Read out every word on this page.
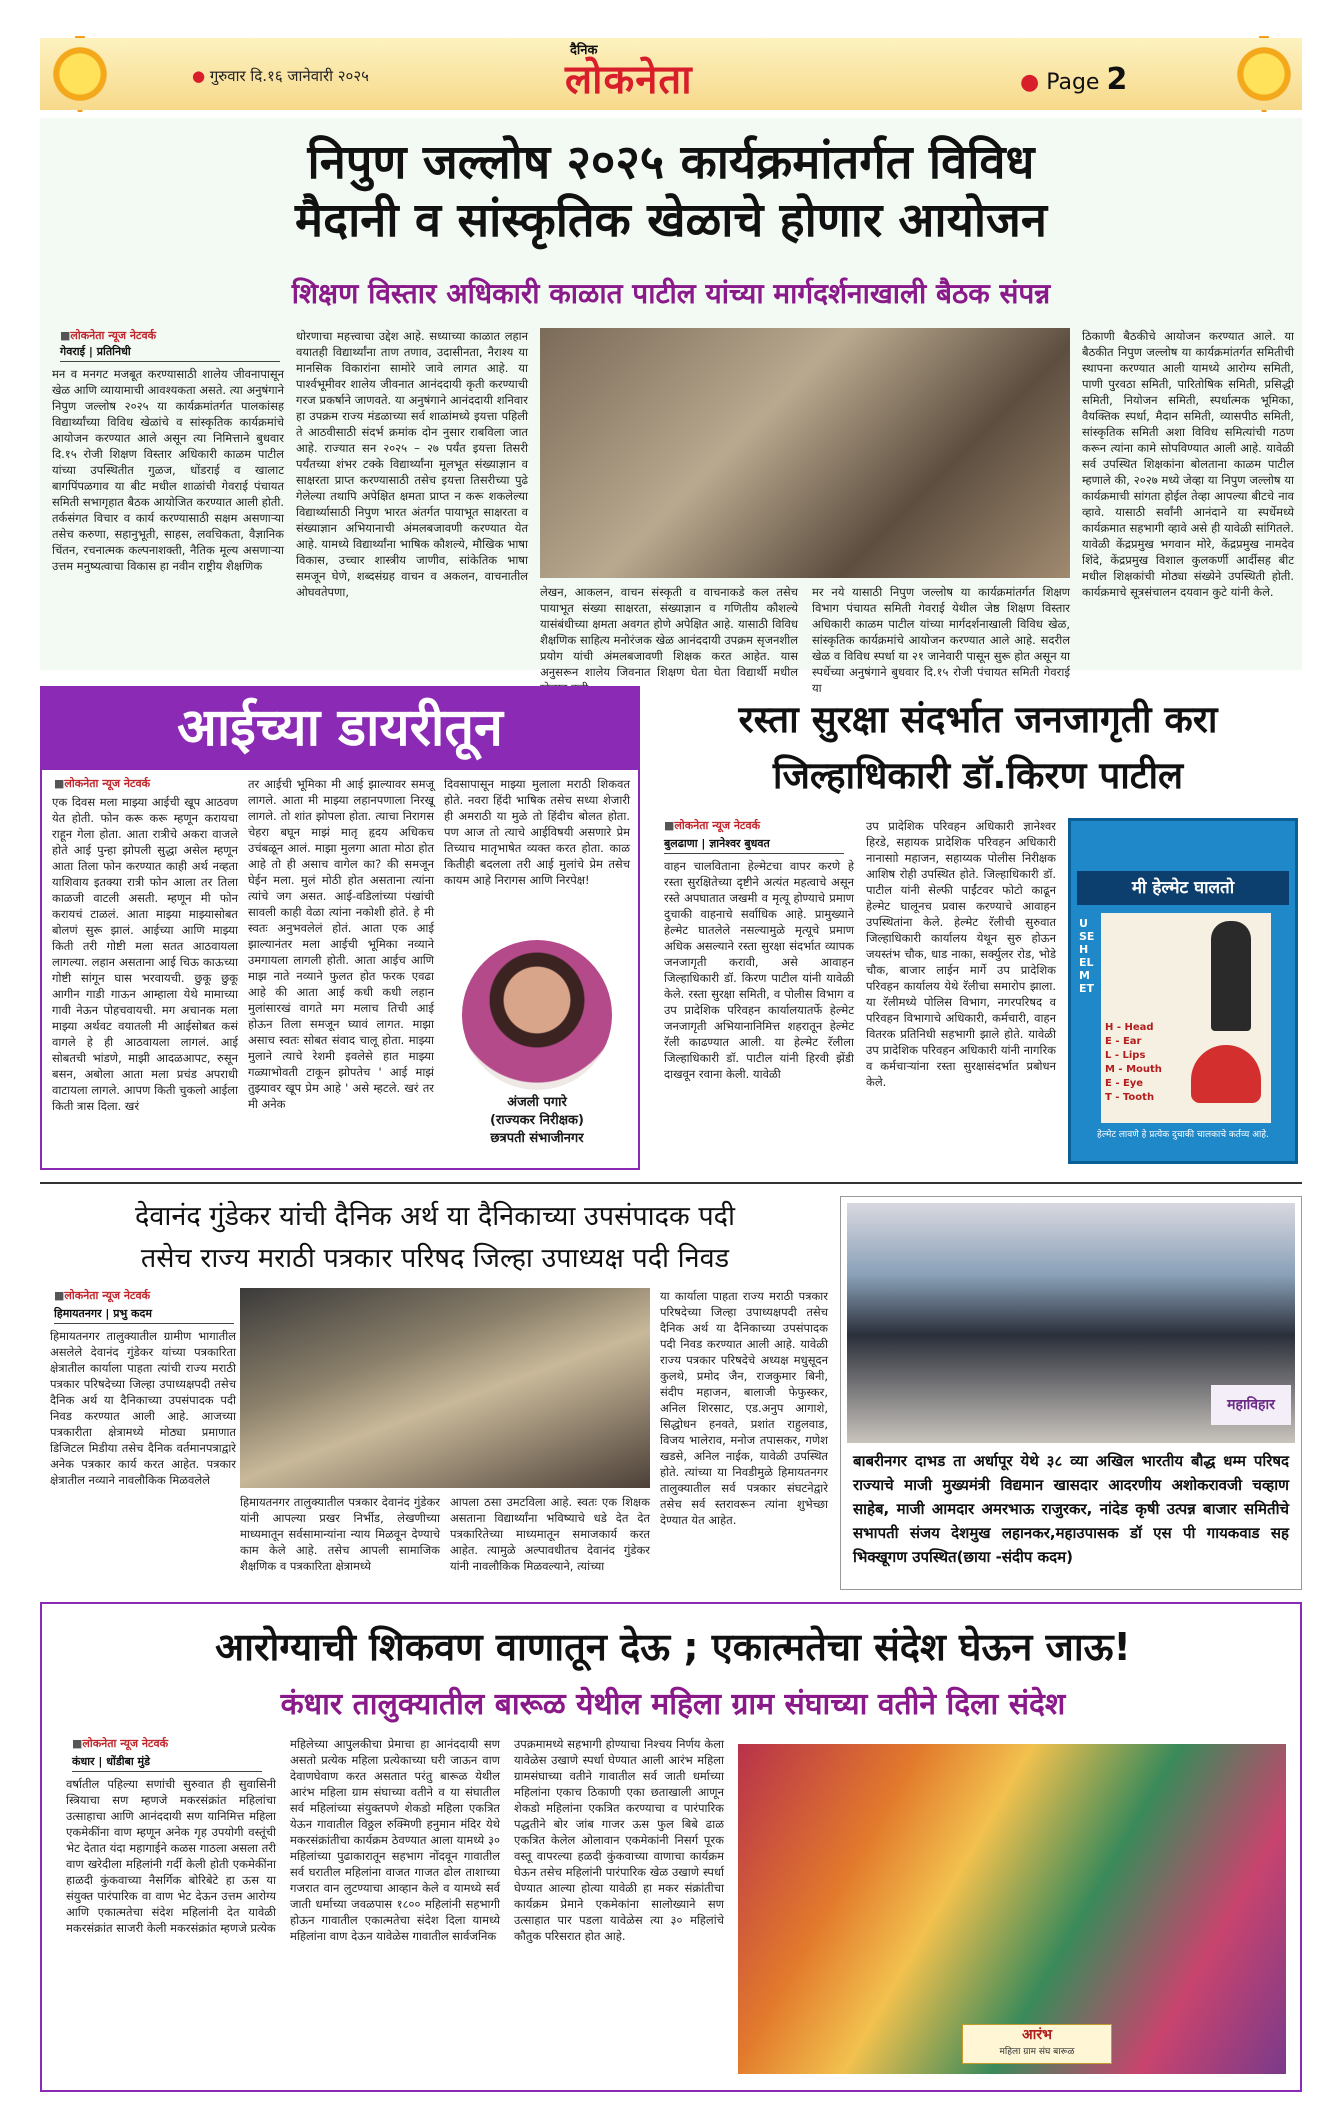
● गुरुवार दि.१६ जानेवारी २०२५
दैनिक
लोकनेता	● Page 2
निपुण जल्लोष २०२५ कार्यक्रमांतर्गत विविध
मैदानी व सांस्कृतिक खेळाचे होणार आयोजन
शिक्षण विस्तार अधिकारी काळात पाटील यांच्या मार्गदर्शनाखाली बैठक संपन्न
■ लोकनेता न्यूज नेटवर्क
गेवराई | प्रतिनिधी
मन व मनगट मजबूत करण्यासाठी शालेय जीवनापासून खेळ आणि व्यायामाची आवश्यकता असते. त्या अनुषंगाने निपुण जल्लोष २०२५ या कार्यक्रमांतर्गत पालकांसह विद्यार्थ्यांच्या विविध खेळांचे व सांस्कृतिक कार्यक्रमांचे आयोजन करण्यात आले असून त्या निमित्ताने बुधवार दि.१५ रोजी शिक्षण विस्तार अधिकारी काळम पाटील यांच्या उपस्थितीत गुळज, धोंडराई व खालाट बागपिंपळगाव या बीट मधील शाळांची गेवराई पंचायत समिती सभागृहात बैठक आयोजित करण्यात आली होती. तर्कसंगत विचार व कार्य करण्यासाठी सक्षम असणाऱ्या तसेच करुणा, सहानुभूती, साहस, लवचिकता, वैज्ञानिक चिंतन, रचनात्मक कल्पनाशक्ती, नैतिक मूल्य असणाऱ्या उत्तम मनुष्यत्वाचा विकास हा नवीन राष्ट्रीय शैक्षणिक
धोरणाचा महत्त्वाचा उद्देश आहे. सध्याच्या काळात लहान वयातही विद्यार्थ्यांना ताण तणाव, उदासीनता, नैराश्य या मानसिक विकारांना सामोरे जावे लागत आहे. या पार्श्वभूमीवर शालेय जीवनात आनंददायी कृती करण्याची गरज प्रकर्षाने जाणवते. या अनुषंगाने आनंददायी शनिवार हा उपक्रम राज्य मंडळाच्या सर्व शाळांमध्ये इयत्ता पहिली ते आठवीसाठी संदर्भ क्रमांक दोन नुसार राबविला जात आहे. राज्यात सन २०२५ – २७ पर्यंत इयत्ता तिसरी पर्यंतच्या शंभर टक्के विद्यार्थ्यांना मूलभूत संख्याज्ञान व साक्षरता प्राप्त करण्यासाठी तसेच इयत्ता तिसरीच्या पुढे गेलेल्या तथापि अपेक्षित क्षमता प्राप्त न करू शकलेल्या विद्यार्थ्यासाठी निपुण भारत अंतर्गत पायाभूत साक्षरता व संख्याज्ञान अभियानाची अंमलबजावणी करण्यात येत आहे. यामध्ये विद्यार्थ्यांना भाषिक कौशल्ये, मौखिक भाषा विकास, उच्चार शास्त्रीय जाणीव, सांकेतिक भाषा समजून घेणे, शब्दसंग्रह वाचन व अकलन, वाचनातील ओघवतेपणा,	लेखन, आकलन, वाचन संस्कृती व वाचनाकडे कल तसेच पायाभूत संख्या साक्षरता, संख्याज्ञान व गणितीय कौशल्ये यासंबंधीच्या क्षमता अवगत होणे अपेक्षित आहे. यासाठी विविध शैक्षणिक साहित्य मनोरंजक खेळ आनंददायी उपक्रम सृजनशील प्रयोग यांची अंमलबजावणी शिक्षक करत आहेत. यास अनुसरून शालेय जिवनात शिक्षण घेता घेता विद्यार्थी मधील
मर नये यासाठी निपुण जल्लोष या कार्यक्रमांतर्गत शिक्षण विभाग पंचायत समिती गेवराई येथील जेष्ठ शिक्षण विस्तार अधिकारी काळम पाटील यांच्या मार्गदर्शनाखाली विविध खेळ, सांस्कृतिक कार्यक्रमांचे आयोजन करण्यात आले आहे. सदरील खेळ व विविध स्पर्धा या २१ जानेवारी पासून सुरू होत असून या स्पर्धेच्या अनुषंगाने बुधवार दि.१५ रोजी पंचायत समिती गेवराई या
ठिकाणी बैठकीचे आयोजन करण्यात आले. या बैठकीत निपुण जल्लोष या कार्यक्रमांतर्गत समितीची स्थापना करण्यात आली यामध्ये आरोग्य समिती, पाणी पुरवठा समिती, पारितोषिक समिती, प्रसिद्धी समिती, नियोजन समिती, स्पर्धात्मक भूमिका, वैयक्तिक स्पर्धा, मैदान समिती, व्यासपीठ समिती, सांस्कृतिक समिती अशा विविध समित्यांची गठण करून त्यांना कामे सोपविण्यात आली आहे. यावेळी सर्व उपस्थित शिक्षकांना बोलताना काळम पाटील म्हणाले की, २०२७ मध्ये जेव्हा या निपुण जल्लोष या कार्यक्रमाची सांगता होईल तेव्हा आपल्या बीटचे नाव व्हावे. यासाठी सर्वांनी आनंदाने या स्पर्धेमध्ये कार्यक्रमात सहभागी व्हावे असे ही यावेळी सांगितले. यावेळी केंद्रप्रमुख भगवान मोरे, केंद्रप्रमुख नामदेव शिंदे, केंद्रप्रमुख विशाल कुलकर्णी आर्दीसह बीट मधील शिक्षकांची मोठ्या संख्येने उपस्थिती होती. कार्यक्रमाचे सूत्रसंचालन दयवान कुटे यांनी केले.
आईच्या डायरीतून
■ लोकनेता न्यूज नेटवर्क
एक दिवस मला माझ्या आईची खूप आठवण येत होती. फोन करू करू म्हणून करायचा राहून गेला होता. आता रात्रीचे अकरा वाजले होते आई पुन्हा झोपली सुद्धा असेल म्हणून आता तिला फोन करण्यात काही अर्थ नव्हता याशिवाय इतक्या रात्री फोन आला तर तिला काळजी वाटली असती. म्हणून मी फोन करायचं टाळलं. आता माझ्या माझ्यासोबत बोलणं सुरू झालं. आईच्या आणि माझ्या किती तरी गोष्टी मला सतत आठवायला लागल्या. लहान असताना आई चिऊ काऊच्या गोष्टी सांगून घास भरवायची. छुकू छुकू आगीन गाडी गाऊन आम्हाला येथे मामाच्या गावी नेऊन पोहचवायची. मग अचानक मला माझ्या अर्थवट वयातली मी आईसोबत कसं वागले हे ही आठवायला लागलं. आई सोबतची भांडणे, माझी आदळआपट, रुसून बसन, अबोला आता मला प्रचंड अपराधी वाटायला लागले. आपण किती चुकलो आईला किती त्रास दिला. खरं
तर आईची भूमिका मी आई झाल्यावर समजू लागले. आता मी माझ्या लहानपणाला निरखू लागले. तो शांत झोपला होता. त्याचा निरागस चेहरा बघून माझं मातृ हृदय अधिकच उचंबळून आलं. माझा मुलगा आता मोठा होत आहे तो ही असाच वागेल का? की समजून घेईन मला. मुलं मोठी होत असताना त्यांना त्यांचे जग असत. आई-वडिलांच्या पंखांची सावली काही वेळा त्यांना नकोशी होते. हे मी स्वतः अनुभवलेलं होतं. आता एक आई झाल्यानंतर मला आईची भूमिका नव्याने उमगायला लागली होती. आता आईच आणि माझ नाते नव्याने फुलत होत फरक एवढा आहे की आता आई कधी कधी लहान मुलांसारखं वागते मग मलाच तिची आई होऊन तिला समजून घ्यावं लागत. माझा असाच स्वतः सोबत संवाद चालू होता. माझ्या मुलाने त्याचे रेशमी इवलेसे हात माझ्या गळ्याभोवती टाकून झोपतेच ' आई माझं तुझ्यावर खूप प्रेम आहे ' असे म्हटले. खरं तर मी अनेक
दिवसापासून माझ्या मुलाला मराठी शिकवत होते. नवरा हिंदी भाषिक तसेच सध्या शेजारी ही अमराठी या मुळे तो हिंदीच बोलत होता. पण आज तो त्याचे आईविषयी असणारे प्रेम तिच्याच मातृभाषेत व्यक्त करत होता. काळ कितीही बदलला तरी आई मुलांचे प्रेम तसेच कायम आहे निरागस आणि निरपेक्ष!
अंजली पगारे
(राज्यकर निरीक्षक)
छत्रपती संभाजीनगर
रस्ता सुरक्षा संदर्भात जनजागृती करा
जिल्हाधिकारी डॉ.किरण पाटील
■ लोकनेता न्यूज नेटवर्क
बुलढाणा | ज्ञानेश्वर बुधवत
वाहन चालविताना हेल्मेटचा वापर करणे हे रस्ता सुरक्षितेच्या दृष्टीने अत्यंत महत्वाचे असून रस्ते अपघातात जखमी व मृत्यू होण्याचे प्रमाण दुचाकी वाहनाचे सर्वाधिक आहे. प्रामुख्याने हेल्मेट घातलेले नसल्यामुळे मृत्यूचे प्रमाण अधिक असल्याने रस्ता सुरक्षा संदर्भात व्यापक जनजागृती करावी, असे आवाहन जिल्हाधिकारी डॉ. किरण पाटील यांनी यावेळी केले. रस्ता सुरक्षा समिती, व पोलीस विभाग व उप प्रादेशिक परिवहन कार्यालयातर्फे हेल्मेट जनजागृती अभियानानिमित्त शहरातून हेल्मेट रॅली काढण्यात आली. या हेल्मेट रॅलीला जिल्हाधिकारी डॉ. पाटील यांनी हिरवी झेंडी दाखवून रवाना केली. यावेळी
उप प्रादेशिक परिवहन अधिकारी ज्ञानेश्वर हिरडे, सहायक प्रादेशिक परिवहन अधिकारी नानासाो महाजन, सहाय्यक पोलीस निरीक्षक आशिष रोही उपस्थित होते. जिल्हाधिकारी डॉ. पाटील यांनी सेल्फी पाईंटवर फोटो काढून हेल्मेट घालूनच प्रवास करण्याचे आवाहन उपस्थितांना केले. हेल्मेट रॅलीची सुरुवात जिल्हाधिकारी कार्यालय येथून सुरु होऊन जयस्तंभ चौक, धाड नाका, सर्क्युलर रोड, भोडे चौक, बाजार लाईन मार्गे उप प्रादेशिक परिवहन कार्यालय येथे रॅलीचा समारोप झाला. या रॅलीमध्ये पोलिस विभाग, नगरपरिषद व परिवहन विभागाचे अधिकारी, कर्मचारी, वाहन वितरक प्रतिनिधी सहभागी झाले होते. यावेळी उप प्रादेशिक परिवहन अधिकारी यांनी नागरिक व कर्मचाऱ्यांना रस्ता सुरक्षासंदर्भात प्रबोधन केले.
मी हेल्मेट घालतो
USE HELMET
H - Head
E - Ear
L - Lips
M - Mouth
E - Eye
T - Tooth
हेल्मेट लावणे हे प्रत्येक दुचाकी चालकाचे कर्तव्य आहे.
देवानंद गुंडेकर यांची दैनिक अर्थ या दैनिकाच्या उपसंपादक पदी
तसेच राज्य मराठी पत्रकार परिषद जिल्हा उपाध्यक्ष पदी निवड
■ लोकनेता न्यूज नेटवर्क
हिमायतनगर | प्रभु कदम
हिमायतनगर तालुक्यातील ग्रामीण भागातील असलेले देवानंद गुंडेकर यांच्या पत्रकारिता क्षेत्रातील कार्याला पाहता त्यांची राज्य मराठी पत्रकार परिषदेच्या जिल्हा उपाध्यक्षपदी तसेच दैनिक अर्थ या दैनिकाच्या उपसंपादक पदी निवड करण्यात आली आहे. आजच्या पत्रकारीता क्षेत्रामध्ये मोठ्या प्रमाणात डिजिटल मिडीया तसेच दैनिक वर्तमानपत्राद्वारे अनेक पत्रकार कार्य करत आहेत. पत्रकार क्षेत्रातील नव्याने नावलौकिक मिळवलेले
हिमायतनगर तालुक्यातील पत्रकार देवानंद गुंडेकर यांनी आपल्या प्रखर निर्भीड, लेखणीच्या माध्यमातून सर्वसामान्यांना न्याय मिळवून देण्याचे काम केले आहे. तसेच आपली सामाजिक शैक्षणिक व पत्रकारिता क्षेत्रामध्ये
आपला ठसा उमटविला आहे. स्वतः एक शिक्षक असताना विद्यार्थ्यांना भविष्याचे धडे देत देत पत्रकारितेच्या माध्यमातून समाजकार्य करत आहेत. त्यामुळे अल्पावधीतच देवानंद गुंडेकर यांनी नावलौकिक मिळवल्याने, त्यांच्या
या कार्याला पाहता राज्य मराठी पत्रकार परिषदेच्या जिल्हा उपाध्यक्षपदी तसेच दैनिक अर्थ या दैनिकाच्या उपसंपादक पदी निवड करण्यात आली आहे. यावेळी राज्य पत्रकार परिषदेचे अध्यक्ष मधुसूदन कुलथे, प्रमोद जैन, राजकुमार बिनी, संदीप महाजन, बालाजी फेफुस्कर, अनिल शिरसाट, एड.अनुप आगाशे, सिद्धोधन हनवते, प्रशांत राहुलवाड, विजय भालेराव, मनोज तपासकर, गणेश खडसे, अनिल नाईक, यावेळी उपस्थित होते. त्यांच्या या निवडीमुळे हिमायतनगर तालुक्यातील सर्व पत्रकार संघटनेद्वारे तसेच सर्व स्तरावरून त्यांना शुभेच्छा देण्यात येत आहेत.
महाविहार
बाबरीनगर दाभड ता अर्धापूर येथे ३८ व्या अखिल भारतीय बौद्ध धम्म परिषद राज्याचे माजी मुख्यमंत्री विद्यमान खासदार आदरणीय अशोकरावजी चव्हाण साहेब, माजी आमदार अमरभाऊ राजुरकर, नांदेड कृषी उत्पन्न बाजार समितीचे सभापती संजय देशमुख लहानकर,महाउपासक डॉ एस पी गायकवाड सह भिक्खूगण उपस्थित(छाया -संदीप कदम)
आरोग्याची शिकवण वाणातून देऊ ; एकात्मतेचा संदेश घेऊन जाऊ!
कंधार तालुक्यातील बारूळ येथील महिला ग्राम संघाच्या वतीने दिला संदेश
■ लोकनेता न्यूज नेटवर्क
कंधार | धोंडीबा मुंडे
वर्षातील पहिल्या सणांची सुरुवात ही सुवासिनी स्त्रियाचा सण म्हणजे मकरसंक्रांत महिलांचा उत्साहाचा आणि आनंददायी सण यानिमित्त महिला एकमेकींना वाण म्हणून अनेक गृह उपयोगी वस्तूंची भेट देतात यंदा महागाईने कळस गाठला असला तरी वाण खरेदीला महिलांनी गर्दी केली होती एकमेकींना हाळदी कुंकवाच्या नैसर्गिक बोरिबेटे हा ऊस या संयुक्त पारंपारिक वा वाण भेट देऊन उत्तम आरोग्य आणि एकात्मतेचा संदेश महिलांनी देत यावेळी मकरसंक्रांत साजरी केली मकरसंक्रांत म्हणजे प्रत्येक
महिलेच्या आपुलकीचा प्रेमाचा हा आनंददायी सण असतो प्रत्येक महिला प्रत्येकाच्या घरी जाऊन वाण देवाणघेवाण करत असतात परंतु बारूळ येथील आरंभ महिला ग्राम संघाच्या वतीने व या संघातील सर्व महिलांच्या संयुक्तपणे शेकडो महिला एकत्रित येऊन गावातील विठ्ठल रुक्मिणी हनुमान मंदिर येथे मकरसंक्रांतीचा कार्यक्रम ठेवण्यात आला यामध्ये ३० महिलांच्या पुढाकारातून सहभाग नोंदवून गावातील सर्व घरातील महिलांना वाजत गाजत ढोल ताशाच्या गजरात वान लुटण्याचा आव्हान केले व यामध्ये सर्व जाती धर्माच्या जवळपास १८०० महिलांनी सहभागी होऊन गावातील एकात्मतेचा संदेश दिला यामध्ये महिलांना वाण देऊन यावेळेस गावातील सार्वजनिक
उपक्रमामध्ये सहभागी होण्याचा निश्चय निर्णय केला यावेळेस उखाणे स्पर्धा घेण्यात आली आरंभ महिला ग्रामसंघाच्या वतीने गावातील सर्व जाती धर्माच्या महिलांना एकाच ठिकाणी एका छताखाली आणून शेकडो महिलांना एकत्रित करण्याचा व पारंपारिक पद्धतीने बोर जांब गाजर ऊस फुल बिबे ढाळ एकत्रित केलेल ओलावान एकमेकांनी निसर्ग पूरक वस्तू वापरल्या हळदी कुंकवाच्या वाणाचा कार्यक्रम घेऊन तसेच महिलांनी पारंपारिक खेळ उखाणे स्पर्धा घेण्यात आल्या होत्या यावेळी हा मकर संक्रांतीचा कार्यक्रम प्रेमाने एकमेकांना सालोख्याने सण उत्साहात पार पडला यावेळेस त्या ३० महिलांचे कौतुक परिसरात होत आहे.
आरंभ
महिला ग्राम संघ बारूळ
